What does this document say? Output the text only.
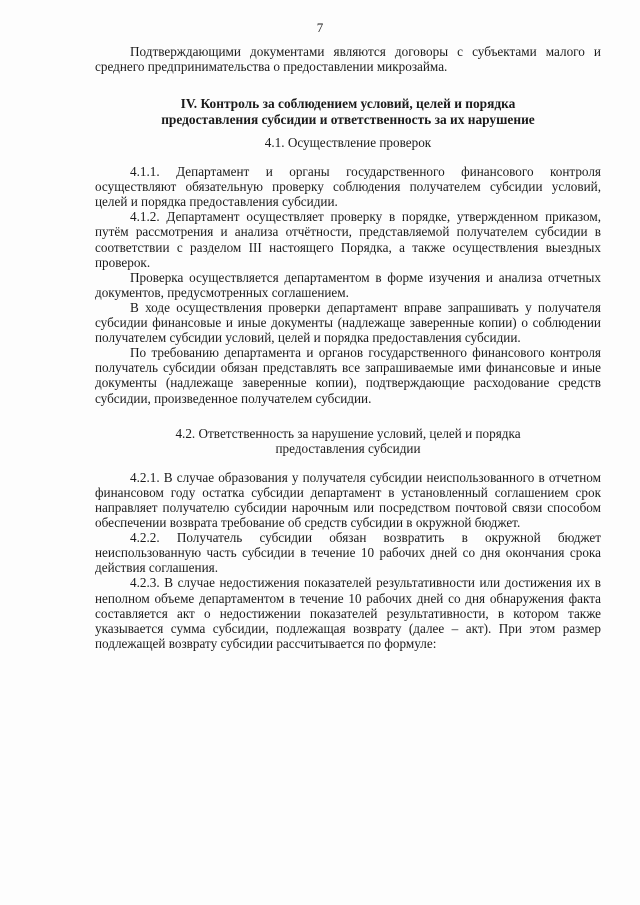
7

Подтверждающими документами являются договоры с субъектами малого и среднего предпринимательства о предоставлении микрозайма.

IV. Контроль за соблюдением условий, целей и порядка
предоставления субсидии и ответственность за их нарушение
4.1. Осуществление проверок

4.1.1. Департамент и органы государственного финансового контроля осуществляют обязательную проверку соблюдения получателем субсидии условий, целей и порядка предоставления субсидии.

4.1.2. Департамент осуществляет проверку в порядке, утвержденном приказом, путём рассмотрения и анализа отчётности, представляемой получателем субсидии в соответствии с разделом III настоящего Порядка, а также осуществления выездных проверок.

Проверка осуществляется департаментом в форме изучения и анализа отчетных документов, предусмотренных соглашением.

В ходе осуществления проверки департамент вправе запрашивать у получателя субсидии финансовые и иные документы (надлежаще заверенные копии) о соблюдении получателем субсидии условий, целей и порядка предоставления субсидии.

По требованию департамента и органов государственного финансового контроля получатель субсидии обязан представлять все запрашиваемые ими финансовые и иные документы (надлежаще заверенные копии), подтверждающие расходование средств субсидии, произведенное получателем субсидии.

4.2. Ответственность за нарушение условий, целей и порядка
предоставления субсидии

4.2.1. В случае образования у получателя субсидии неиспользованного в отчетном финансовом году остатка субсидии департамент в установленный соглашением срок направляет получателю субсидии нарочным или посредством почтовой связи способом обеспечении возврата требование об средств субсидии в окружной бюджет.

4.2.2. Получатель субсидии обязан возвратить в окружной бюджет неиспользованную часть субсидии в течение 10 рабочих дней со дня окончания срока действия соглашения.

4.2.3. В случае недостижения показателей результативности или достижения их в неполном объеме департаментом в течение 10 рабочих дней со дня обнаружения факта составляется акт о недостижении показателей результативности, в котором также указывается сумма субсидии, подлежащая возврату (далее – акт). При этом размер подлежащей возврату субсидии рассчитывается по формуле:
